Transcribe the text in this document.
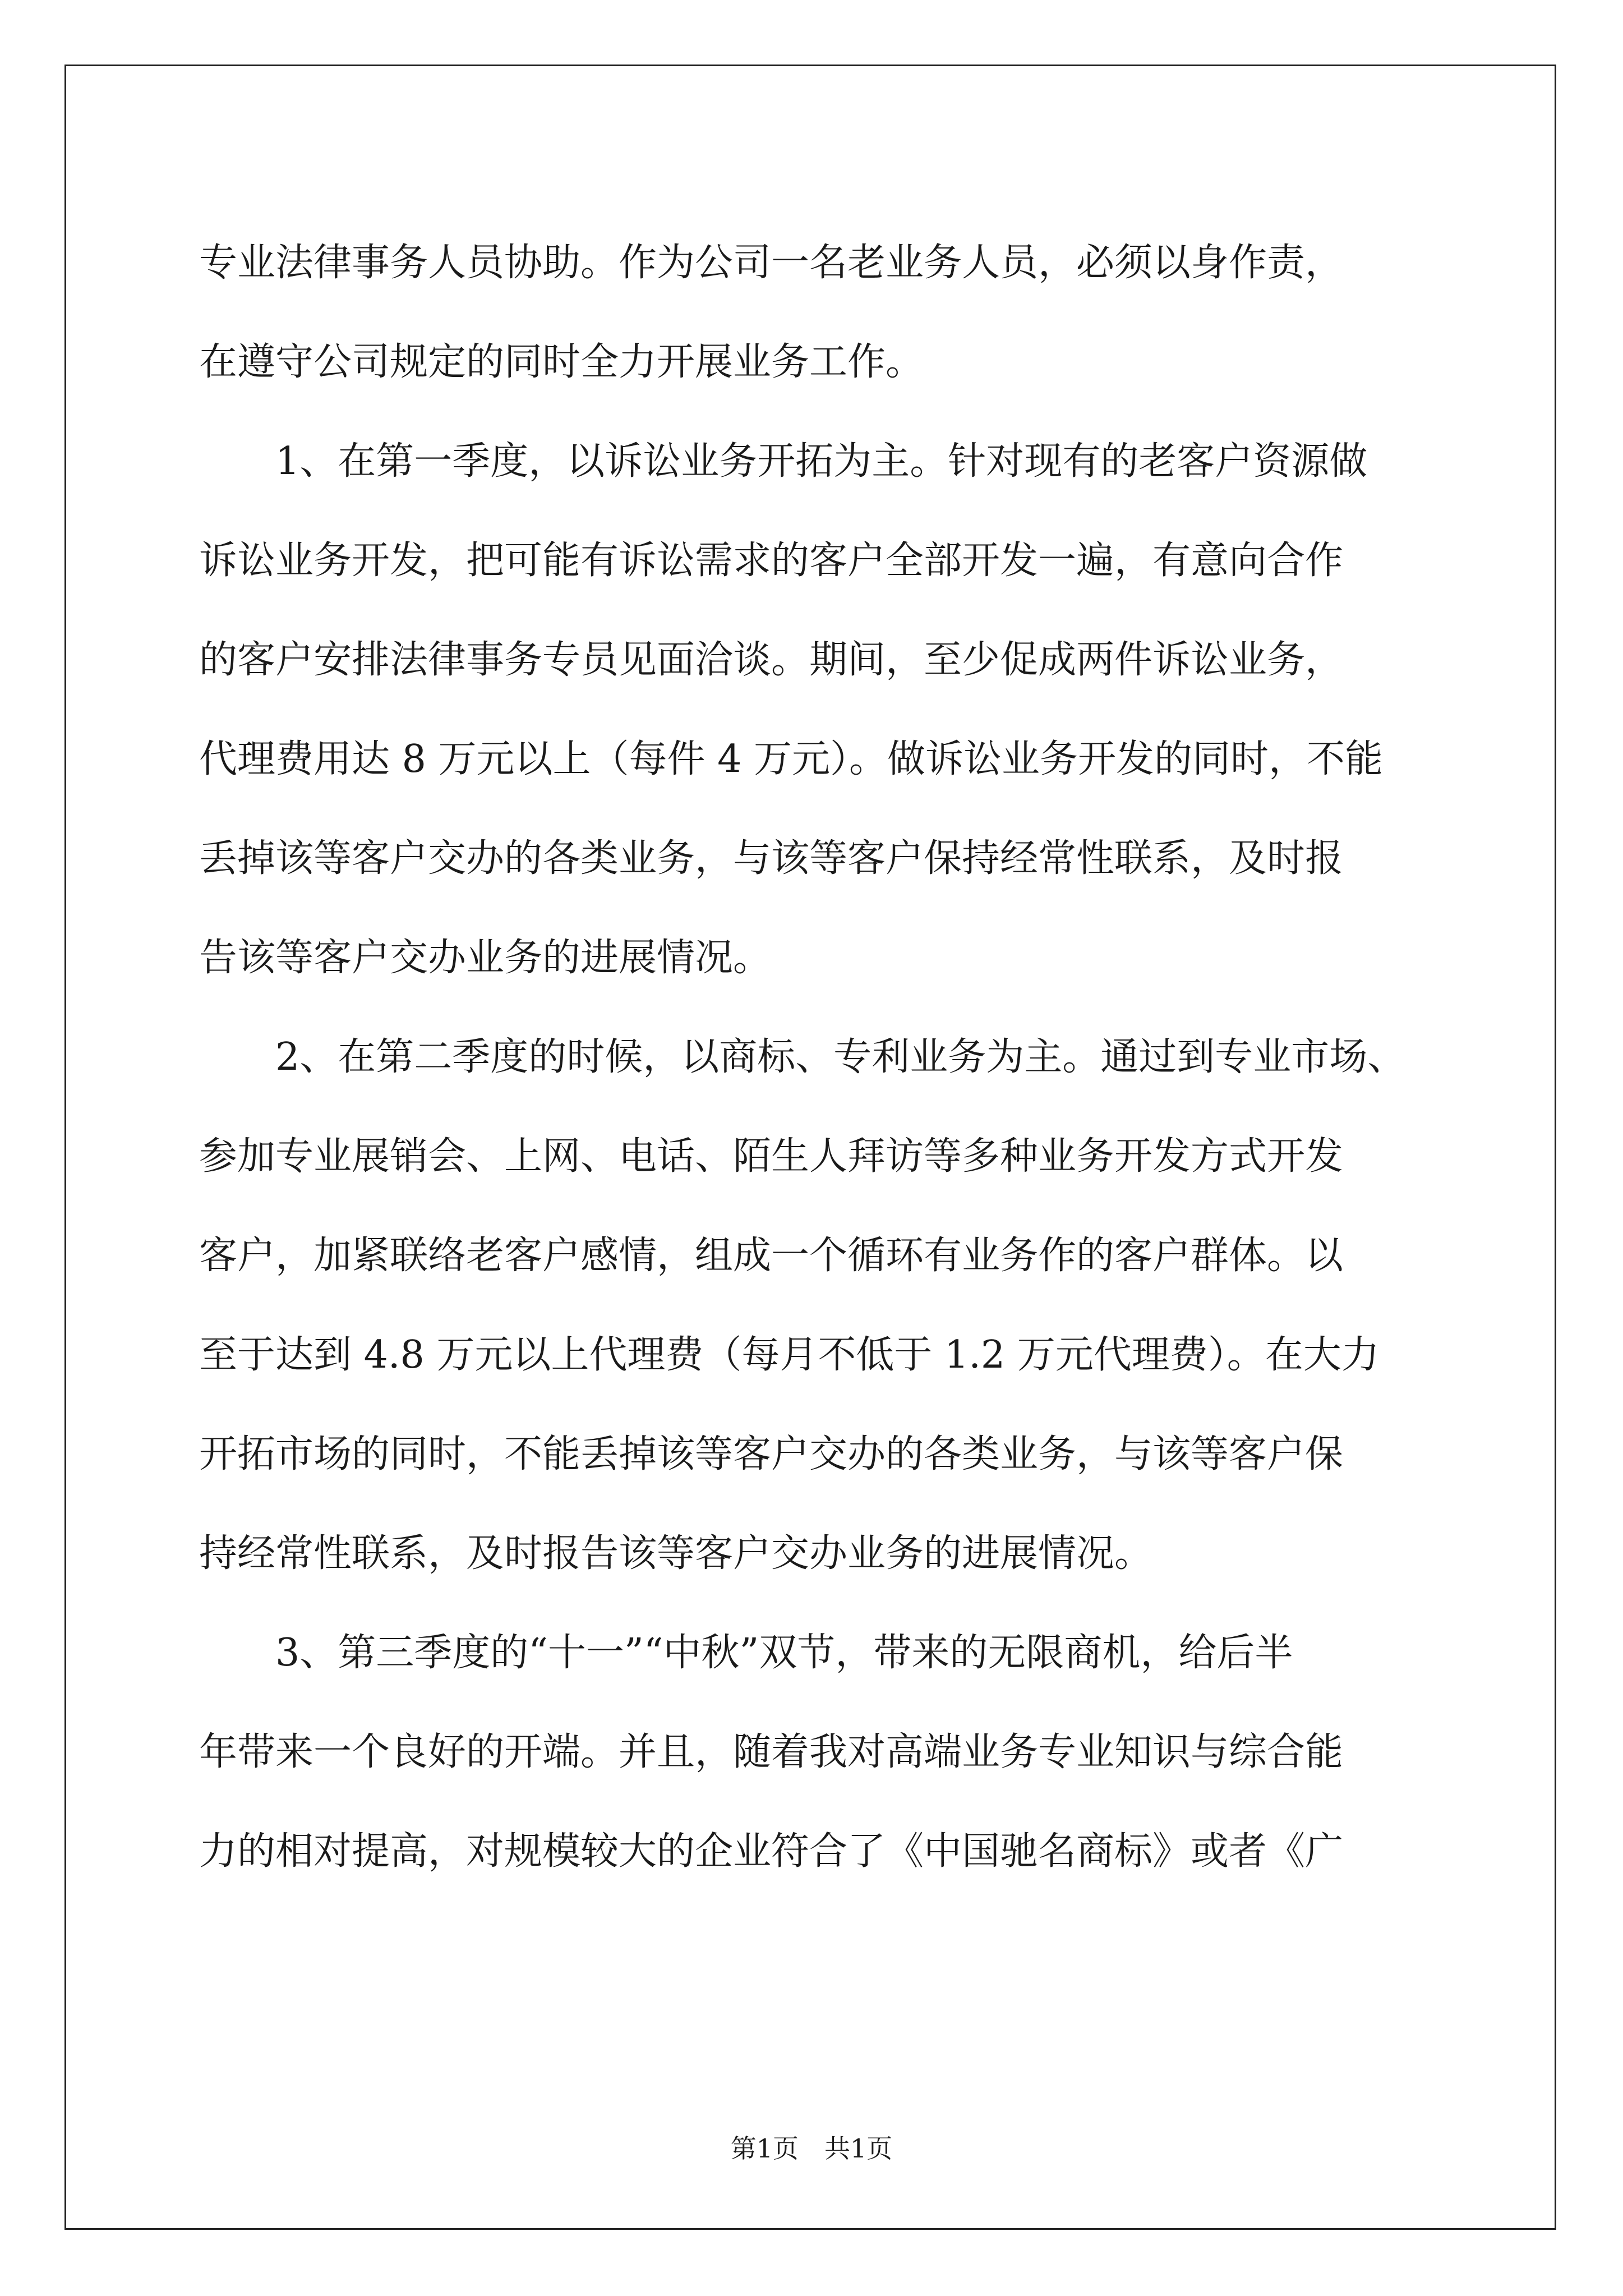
专业法律事务人员协助。作为公司一名老业务人员，必须以身作责，

在遵守公司规定的同时全力开展业务工作。

1、在第一季度，以诉讼业务开拓为主。针对现有的老客户资源做

诉讼业务开发，把可能有诉讼需求的客户全部开发一遍，有意向合作

的客户安排法律事务专员见面洽谈。期间，至少促成两件诉讼业务，

代理费用达 8 万元以上（每件 4 万元）。做诉讼业务开发的同时，不能

丢掉该等客户交办的各类业务，与该等客户保持经常性联系，及时报

告该等客户交办业务的进展情况。

2、在第二季度的时候，以商标、专利业务为主。通过到专业市场、

参加专业展销会、上网、电话、陌生人拜访等多种业务开发方式开发

客户，加紧联络老客户感情，组成一个循环有业务作的客户群体。以

至于达到 4.8 万元以上代理费（每月不低于 1.2 万元代理费）。在大力

开拓市场的同时，不能丢掉该等客户交办的各类业务，与该等客户保

持经常性联系，及时报告该等客户交办业务的进展情况。

3、第三季度的“十一”“中秋”双节，带来的无限商机，给后半

年带来一个良好的开端。并且，随着我对高端业务专业知识与综合能

力的相对提高，对规模较大的企业符合了《中国驰名商标》或者《广

第1页　共1页
